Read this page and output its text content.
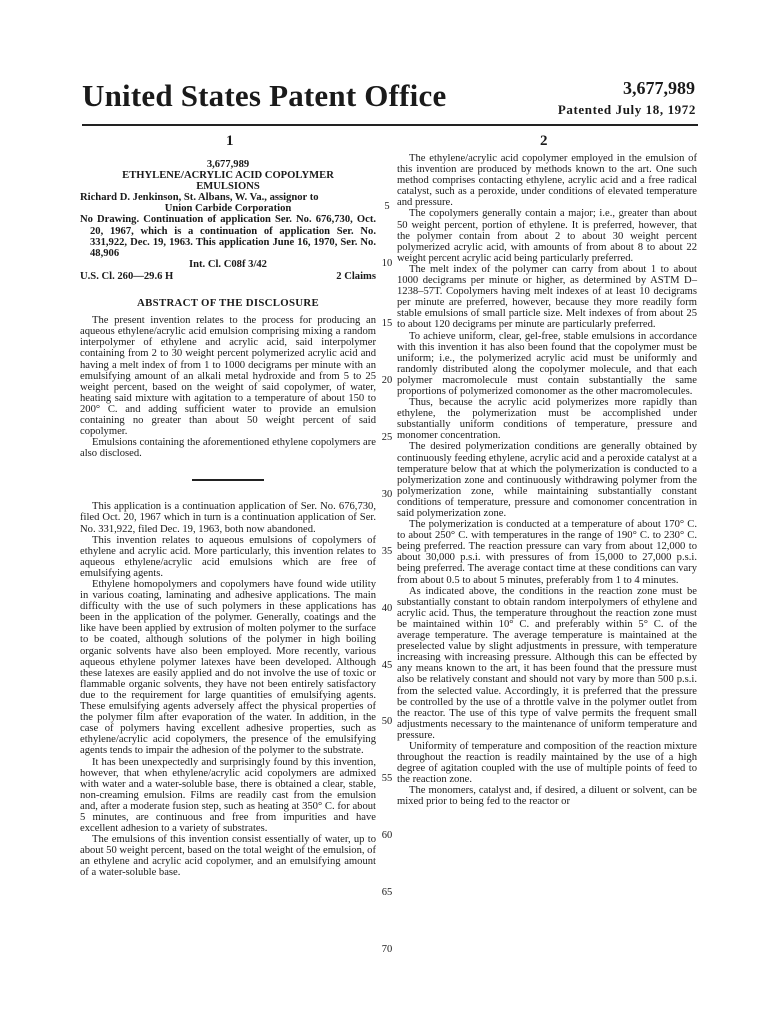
United States Patent Office	3,677,989
Patented July 18, 1972
1	2

3,677,989

ETHYLENE/ACRYLIC ACID COPOLYMER

EMULSIONS

Richard D. Jenkinson, St. Albans, W. Va., assignor to

Union Carbide Corporation

No Drawing. Continuation of application Ser. No. 676,730, Oct. 20, 1967, which is a continuation of application Ser. No. 331,922, Dec. 19, 1963. This application June 16, 1970, Ser. No. 48,906

Int. Cl. C08f 3/42

U.S. Cl. 260—29.6 H	2 Claims
ABSTRACT OF THE DISCLOSURE

The present invention relates to the process for producing an aqueous ethylene/acrylic acid emulsion comprising mixing a random interpolymer of ethylene and acrylic acid, said interpolymer containing from 2 to 30 weight percent polymerized acrylic acid and having a melt index of from 1 to 1000 decigrams per minute with an emulsifying amount of an alkali metal hydroxide and from 5 to 25 weight percent, based on the weight of said copolymer, of water, heating said mixture with agitation to a temperature of about 150 to 200° C. and adding sufficient water to provide an emulsion containing no greater than about 50 weight percent of said copolymer.

Emulsions containing the aforementioned ethylene copolymers are also disclosed.

This application is a continuation application of Ser. No. 676,730, filed Oct. 20, 1967 which in turn is a continuation application of Ser. No. 331,922, filed Dec. 19, 1963, both now abandoned.

This invention relates to aqueous emulsions of copolymers of ethylene and acrylic acid. More particularly, this invention relates to aqueous ethylene/acrylic acid emulsions which are free of emulsifying agents.

Ethylene homopolymers and copolymers have found wide utility in various coating, laminating and adhesive applications. The main difficulty with the use of such polymers in these applications has been in the application of the polymer. Generally, coatings and the like have been applied by extrusion of molten polymer to the surface to be coated, although solutions of the polymer in high boiling organic solvents have also been employed. More recently, various aqueous ethylene polymer latexes have been developed. Although these latexes are easily applied and do not involve the use of toxic or flammable organic solvents, they have not been entirely satisfactory due to the requirement for large quantities of emulsifying agents. These emulsifying agents adversely affect the physical properties of the polymer film after evaporation of the water. In addition, in the case of polymers having excellent adhesive properties, such as ethylene/acrylic acid copolymers, the presence of the emulsifying agents tends to impair the adhesion of the polymer to the substrate.

It has been unexpectedly and surprisingly found by this invention, however, that when ethylene/acrylic acid copolymers are admixed with water and a water-soluble base, there is obtained a clear, stable, non-creaming emulsion. Films are readily cast from the emulsion and, after a moderate fusion step, such as heating at 350° C. for about 5 minutes, are continuous and free from impurities and have excellent adhesion to a variety of substrates.

The emulsions of this invention consist essentially of water, up to about 50 weight percent, based on the total weight of the emulsion, of an ethylene and acrylic acid copolymer, and an emulsifying amount of a water-soluble base.

5
10
15
20
25
30
35
40
45
50
55
60
65
70

The ethylene/acrylic acid copolymer employed in the emulsion of this invention are produced by methods known to the art. One such method comprises contacting ethylene, acrylic acid and a free radical catalyst, such as a peroxide, under conditions of elevated temperature and pressure.

The copolymers generally contain a major; i.e., greater than about 50 weight percent, portion of ethylene. It is preferred, however, that the polymer contain from about 2 to about 30 weight percent polymerized acrylic acid, with amounts of from about 8 to about 22 weight percent acrylic acid being particularly preferred.

The melt index of the polymer can carry from about 1 to about 1000 decigrams per minute or higher, as determined by ASTM D–1238–57T. Copolymers having melt indexes of at least 10 decigrams per minute are preferred, however, because they more readily form stable emulsions of small particle size. Melt indexes of from about 25 to about 120 decigrams per minute are particularly preferred.

To achieve uniform, clear, gel-free, stable emulsions in accordance with this invention it has also been found that the copolymer must be uniform; i.e., the polymerized acrylic acid must be uniformly and randomly distributed along the copolymer molecule, and that each polymer macromolecule must contain substantially the same proportions of polymerized comonomer as the other macromolecules.

Thus, because the acrylic acid polymerizes more rapidly than ethylene, the polymerization must be accomplished under substantially uniform conditions of temperature, pressure and monomer concentration.

The desired polymerization conditions are generally obtained by continuously feeding ethylene, acrylic acid and a peroxide catalyst at a temperature below that at which the polymerization is conducted to a polymerization zone and continuously withdrawing polymer from the polymerization zone, while maintaining substantially constant conditions of temperature, pressure and comonomer concentration in said polymerization zone.

The polymerization is conducted at a temperature of about 170° C. to about 250° C. with temperatures in the range of 190° C. to 230° C. being preferred. The reaction pressure can vary from about 12,000 to about 30,000 p.s.i. with pressures of from 15,000 to 27,000 p.s.i. being preferred. The average contact time at these conditions can vary from about 0.5 to about 5 minutes, preferably from 1 to 4 minutes.

As indicated above, the conditions in the reaction zone must be substantially constant to obtain random interpolymers of ethylene and acrylic acid. Thus, the temperature throughout the reaction zone must be maintained within 10° C. and preferably within 5° C. of the average temperature. The average temperature is maintained at the preselected value by slight adjustments in pressure, with temperature increasing with increasing pressure. Although this can be effected by any means known to the art, it has been found that the pressure must also be relatively constant and should not vary by more than 500 p.s.i. from the selected value. Accordingly, it is preferred that the pressure be controlled by the use of a throttle valve in the polymer outlet from the reactor. The use of this type of valve permits the frequent small adjustments necessary to the maintenance of uniform temperature and pressure.

Uniformity of temperature and composition of the reaction mixture throughout the reaction is readily maintained by the use of a high degree of agitation coupled with the use of multiple points of feed to the reaction zone.

The monomers, catalyst and, if desired, a diluent or solvent, can be mixed prior to being fed to the reactor or
